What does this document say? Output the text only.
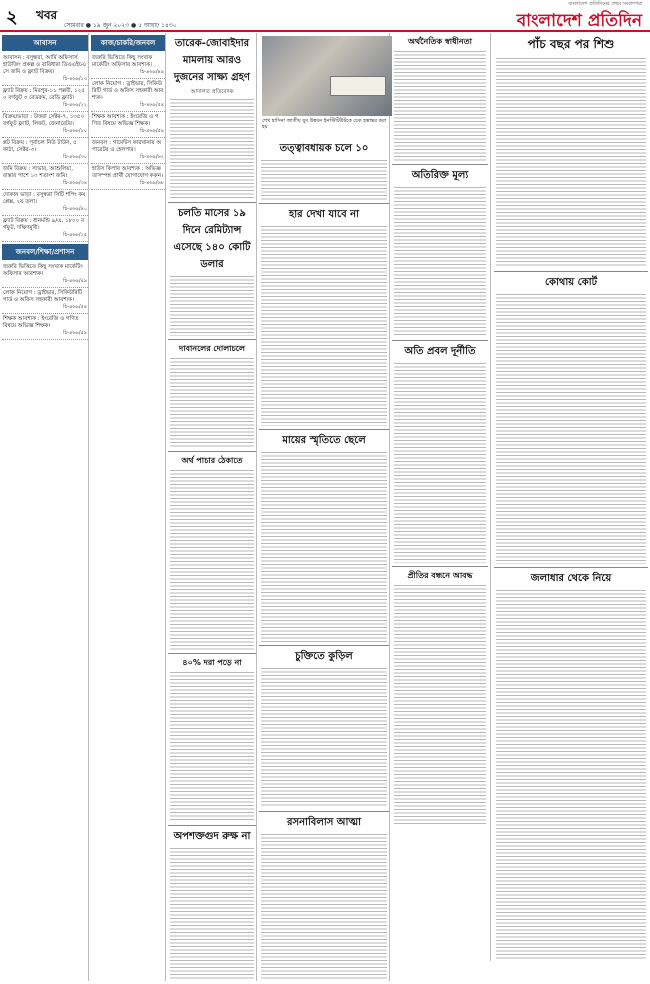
২ খবর
সোমবার ● ১৯ জুন ২০২৩ ● ৫ আষাঢ় ১৪৩০
বাংলাদেশ প্রতিদিনের প্রথম সংবাদপত্র
বাংলাদেশ প্রতিদিন
আবাসন
আবাসন : বসুন্ধরা, আর্মি অফিসার্স হাউজিং প্রকল্প ও বারিধারা ডিওএইচএসে জমি ও ফ্ল্যাট বিক্রয়।
চি-৪৬৯/১৩
ফ্ল্যাট বিক্রয় : মিরপুর-১১ পল্লবী, ১২৫০ বর্গফুট ৩ বেডরুম, রেডি ফ্ল্যাট।
চি-৪৬৯/২২
বিক্রয়/ভাড়া : উত্তরা সেক্টর-৭, ১৩৫০ বর্গফুট ফ্ল্যাট, লিফট, জেনারেটর।
চি-৪৬৮/১০
প্লট বিক্রয় : পূর্বাচল নিউ টাউন, ৫ কাঠা, সেক্টর-৩।
চি-৪৬৯/৩০
জমি বিক্রয় : সাভার, আশুলিয়া, রাস্তার পাশে ১০ শতাংশ জমি।
চি-৪৬৯/৩৪
দোকান ভাড়া : বসুন্ধরা সিটি শপিং কমপ্লেক্স, ২য় তলা।
চি-৪৬৯/৪০
ফ্ল্যাট বিক্রয় : ধানমন্ডি ৯/এ, ১৮০০ বর্গফুট, দক্ষিণমুখী।
চি-৪৬৮/১৫
জনবল/শিক্ষা/প্রশাসন
জরুরি ভিত্তিতে কিছু সংখ্যক মার্কেটিং অফিসার আবশ্যক।
চি-৪৬৯/৪৯
লোক নিয়োগ : ড্রাইভার, সিকিউরিটি গার্ড ও অফিস সহকারী আবশ্যক।
চি-৪৬৯/৫৪
শিক্ষক আবশ্যক : ইংরেজি ও গণিত বিষয়ে অভিজ্ঞ শিক্ষক।
চি-৪৬৯/৫৯
কাজ/চাকরি/জনবল
জরুরি ভিত্তিতে কিছু সংখ্যক মার্কেটিং অফিসার আবশ্যক।
চি-৪৬৯/৪৯
লোক নিয়োগ : ড্রাইভার, সিকিউরিটি গার্ড ও অফিস সহকারী আবশ্যক।
চি-৪৬৯/৫৪
শিক্ষক আবশ্যক : ইংরেজি ও গণিত বিষয়ে অভিজ্ঞ শিক্ষক।
চি-৪৬৯/৫৯
জনবল : গার্মেন্টস কারখানায় অপারেটর ও হেলপার।
চি-৪৬৯/৬২
হাউস কিপার আবশ্যক : অভিজ্ঞতাসম্পন্ন প্রার্থী যোগাযোগ করুন।
চি-৪৬৯/৬৮
তারেক-জোবাইদার মামলায় আরও দুজনের সাক্ষ্য গ্রহণ
আদালত প্রতিবেদক
চলতি মাসের ১৯ দিনে রেমিট্যান্স এসেছে ১৪০ কোটি ডলার
দাবানলের দোলাচলে
অর্থ পাচার ঠেকাতে
৪০% দরা পড়ে না
অপশক্তগুদ রুক্ষ না
তত্ত্বাবধায়ক চলে ১০
হার দেখা যাবে না
মায়ের স্মৃতিতে ছেলে
চুক্তিতে কুড়িল
রসনাবিলাস আত্মা
অর্থনৈতিক স্বাধীনতা
অতিরিক্ত মূল্য
অতি প্রবল দূর্নীতি
প্রীতির বন্ধনে আবদ্ধ
পাঁচ বছর পর শিশু
কোথায় কোর্ট
জলাধার থেকে নিয়ে
শেখ হাসিনা জাতীয় যুব উন্নয়ন ইনস্টিটিউটকে চেক হস্তান্তর করা হয়
